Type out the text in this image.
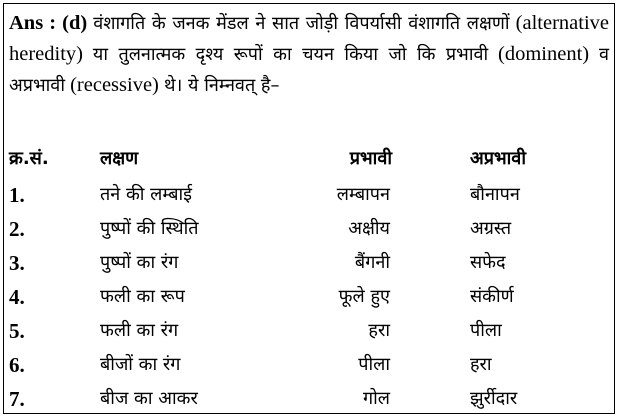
Ans : (d) वंशागति के जनक मेंडल ने सात जोड़ी विपर्यासी वंशागति लक्षणों (alternative heredity) या तुलनात्मक दृश्य रूपों का चयन किया जो कि प्रभावी (dominent) व अप्रभावी (recessive) थे। ये निम्नवत् है–
क्र.सं.	लक्षण	प्रभावी	अप्रभावी
1.	तने की लम्बाई	लम्बापन	बौनापन
2.	पुष्पों की स्थिति	अक्षीय	अग्रस्त
3.	पुष्पों का रंग	बैंगनी	सफेद
4.	फली का रूप	फूले हुए	संकीर्ण
5.	फली का रंग	हरा	पीला
6.	बीजों का रंग	पीला	हरा
7.	बीज का आकर	गोल	झुर्रीदार
